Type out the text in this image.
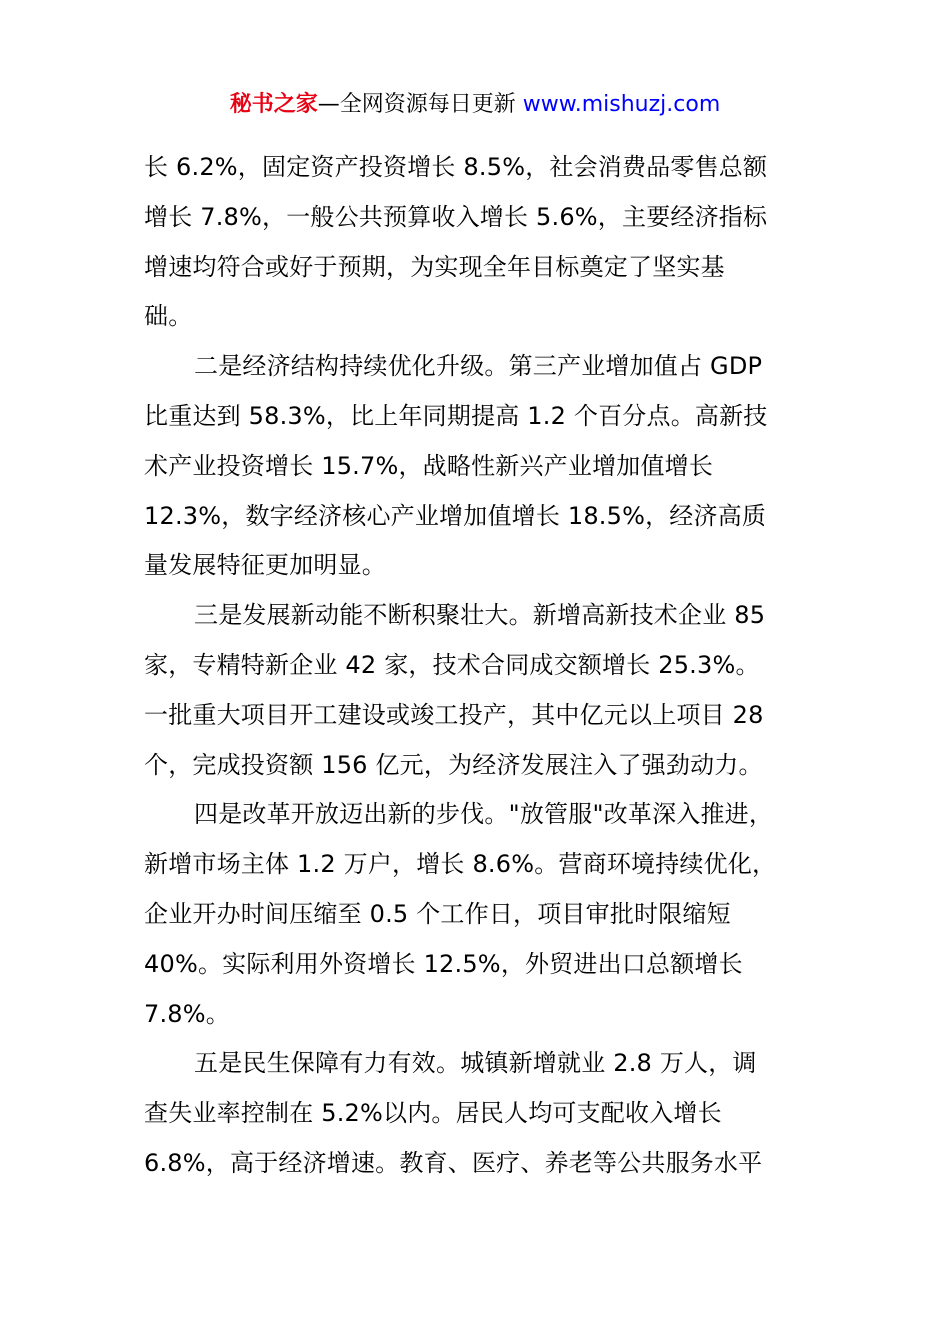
秘书之家—全网资源每日更新 www.mishuzj.com
长 6.2%，固定资产投资增长 8.5%，社会消费品零售总额
增长 7.8%，一般公共预算收入增长 5.6%，主要经济指标
增速均符合或好于预期，为实现全年目标奠定了坚实基
础。
二是经济结构持续优化升级。第三产业增加值占 GDP
比重达到 58.3%，比上年同期提高 1.2 个百分点。高新技
术产业投资增长 15.7%，战略性新兴产业增加值增长
12.3%，数字经济核心产业增加值增长 18.5%，经济高质
量发展特征更加明显。
三是发展新动能不断积聚壮大。新增高新技术企业 85
家，专精特新企业 42 家，技术合同成交额增长 25.3%。
一批重大项目开工建设或竣工投产，其中亿元以上项目 28
个，完成投资额 156 亿元，为经济发展注入了强劲动力。
四是改革开放迈出新的步伐。"放管服"改革深入推进，
新增市场主体 1.2 万户，增长 8.6%。营商环境持续优化，
企业开办时间压缩至 0.5 个工作日，项目审批时限缩短
40%。实际利用外资增长 12.5%，外贸进出口总额增长
7.8%。
五是民生保障有力有效。城镇新增就业 2.8 万人，调
查失业率控制在 5.2%以内。居民人均可支配收入增长
6.8%，高于经济增速。教育、医疗、养老等公共服务水平
